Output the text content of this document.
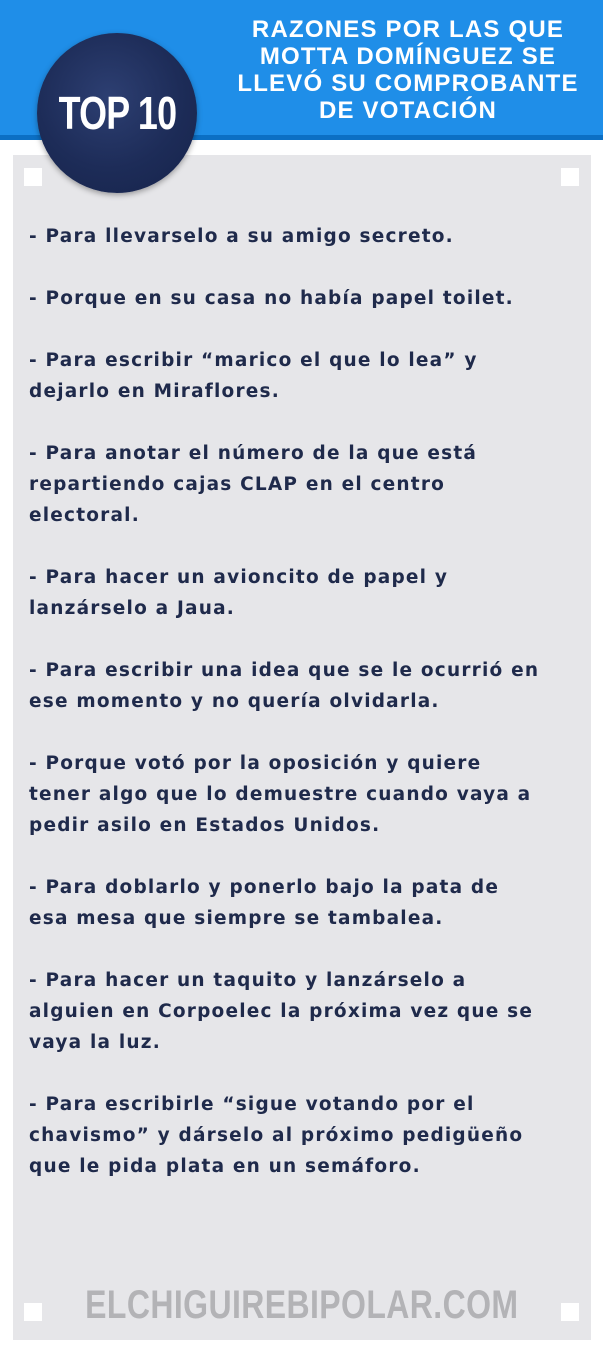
TOP 10
RAZONES POR LAS QUE
MOTTA DOMÍNGUEZ SE
LLEVÓ SU COMPROBANTE
DE VOTACIÓN
- Para llevarselo a su amigo secreto.
- Porque en su casa no había papel toilet.
- Para escribir “marico el que lo lea” y
dejarlo en Miraflores.
- Para anotar el número de la que está
repartiendo cajas CLAP en el centro
electoral.
- Para hacer un avioncito de papel y
lanzárselo a Jaua.
- Para escribir una idea que se le ocurrió en
ese momento y no quería olvidarla.
- Porque votó por la oposición y quiere
tener algo que lo demuestre cuando vaya a
pedir asilo en Estados Unidos.
- Para doblarlo y ponerlo bajo la pata de
esa mesa que siempre se tambalea.
- Para hacer un taquito y lanzárselo a
alguien en Corpoelec la próxima vez que se
vaya la luz.
- Para escribirle “sigue votando por el
chavismo” y dárselo al próximo pedigüeño
que le pida plata en un semáforo.
ELCHIGUIREBIPOLAR.COM
